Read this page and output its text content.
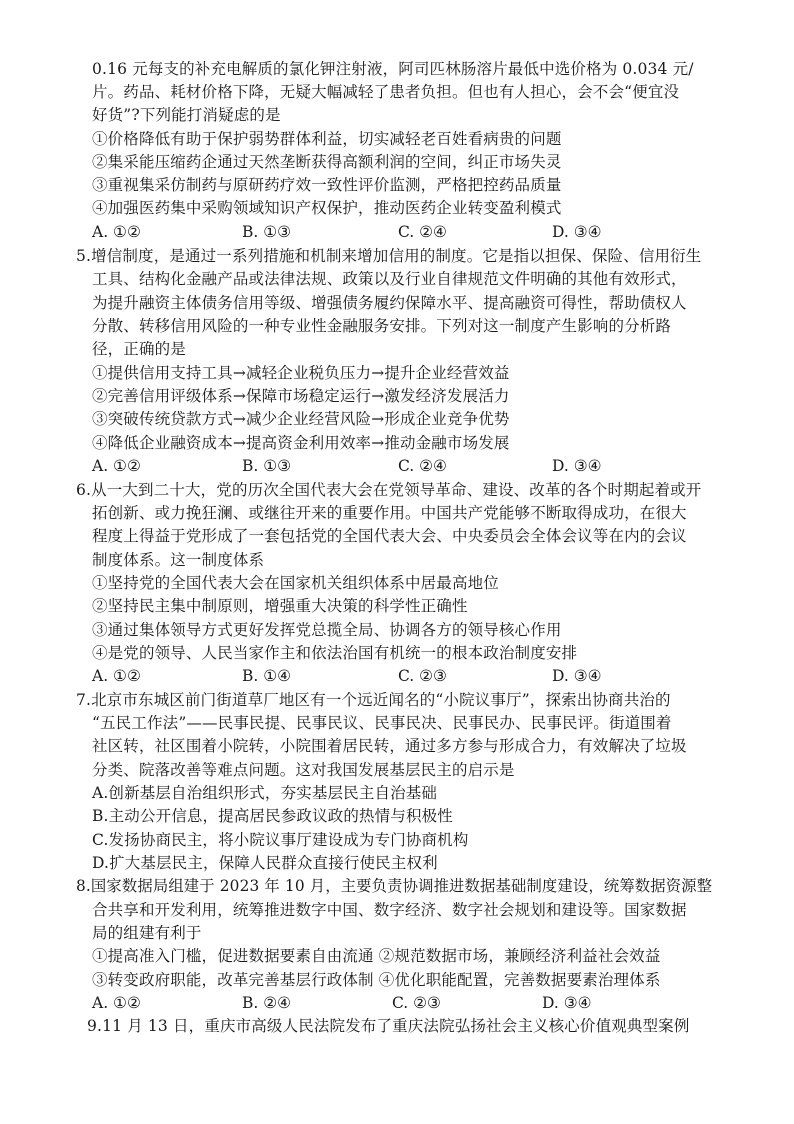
0.16 元每支的补充电解质的氯化钾注射液，阿司匹林肠溶片最低中选价格为 0.034 元/
片。药品、耗材价格下降，无疑大幅减轻了患者负担。但也有人担心，会不会“便宜没
好货”?下列能打消疑虑的是
①价格降低有助于保护弱势群体利益，切实减轻老百姓看病贵的问题
②集采能压缩药企通过天然垄断获得高额利润的空间，纠正市场失灵
③重视集采仿制药与原研药疗效一致性评价监测，严格把控药品质量
④加强医药集中采购领域知识产权保护，推动医药企业转变盈利模式
A. ①②	B. ①③	C. ②④	D. ③④
5.增信制度，是通过一系列措施和机制来增加信用的制度。它是指以担保、保险、信用衍生
工具、结构化金融产品或法律法规、政策以及行业自律规范文件明确的其他有效形式，
为提升融资主体债务信用等级、增强债务履约保障水平、提高融资可得性，帮助债权人
分散、转移信用风险的一种专业性金融服务安排。下列对这一制度产生影响的分析路
径，正确的是
①提供信用支持工具→减轻企业税负压力→提升企业经营效益
②完善信用评级体系→保障市场稳定运行→激发经济发展活力
③突破传统贷款方式→减少企业经营风险→形成企业竞争优势
④降低企业融资成本→提高资金利用效率→推动金融市场发展
A. ①②	B. ①③	C. ②④	D. ③④
6.从一大到二十大，党的历次全国代表大会在党领导革命、建设、改革的各个时期起着或开
拓创新、或力挽狂澜、或继往开来的重要作用。中国共产党能够不断取得成功，在很大
程度上得益于党形成了一套包括党的全国代表大会、中央委员会全体会议等在内的会议
制度体系。这一制度体系
①坚持党的全国代表大会在国家机关组织体系中居最高地位
②坚持民主集中制原则，增强重大决策的科学性正确性
③通过集体领导方式更好发挥党总揽全局、协调各方的领导核心作用
④是党的领导、人民当家作主和依法治国有机统一的根本政治制度安排
A. ①②	B. ①④	C. ②③	D. ③④
7.北京市东城区前门街道草厂地区有一个远近闻名的“小院议事厅”，探索出协商共治的
“五民工作法”——民事民提、民事民议、民事民决、民事民办、民事民评。街道围着
社区转，社区围着小院转，小院围着居民转，通过多方参与形成合力，有效解决了垃圾
分类、院落改善等难点问题。这对我国发展基层民主的启示是
A.创新基层自治组织形式，夯实基层民主自治基础
B.主动公开信息，提高居民参政议政的热情与积极性
C.发扬协商民主，将小院议事厅建设成为专门协商机构
D.扩大基层民主，保障人民群众直接行使民主权利
8.国家数据局组建于 2023 年 10 月，主要负责协调推进数据基础制度建设，统筹数据资源整
合共享和开发利用，统筹推进数字中国、数字经济、数字社会规划和建设等。国家数据
局的组建有利于
①提高准入门槛，促进数据要素自由流通 ②规范数据市场，兼顾经济利益社会效益
③转变政府职能，改革完善基层行政体制 ④优化职能配置，完善数据要素治理体系
A. ①②	B. ②④	C. ②③	D. ③④
9.11 月 13 日，重庆市高级人民法院发布了重庆法院弘扬社会主义核心价值观典型案例
